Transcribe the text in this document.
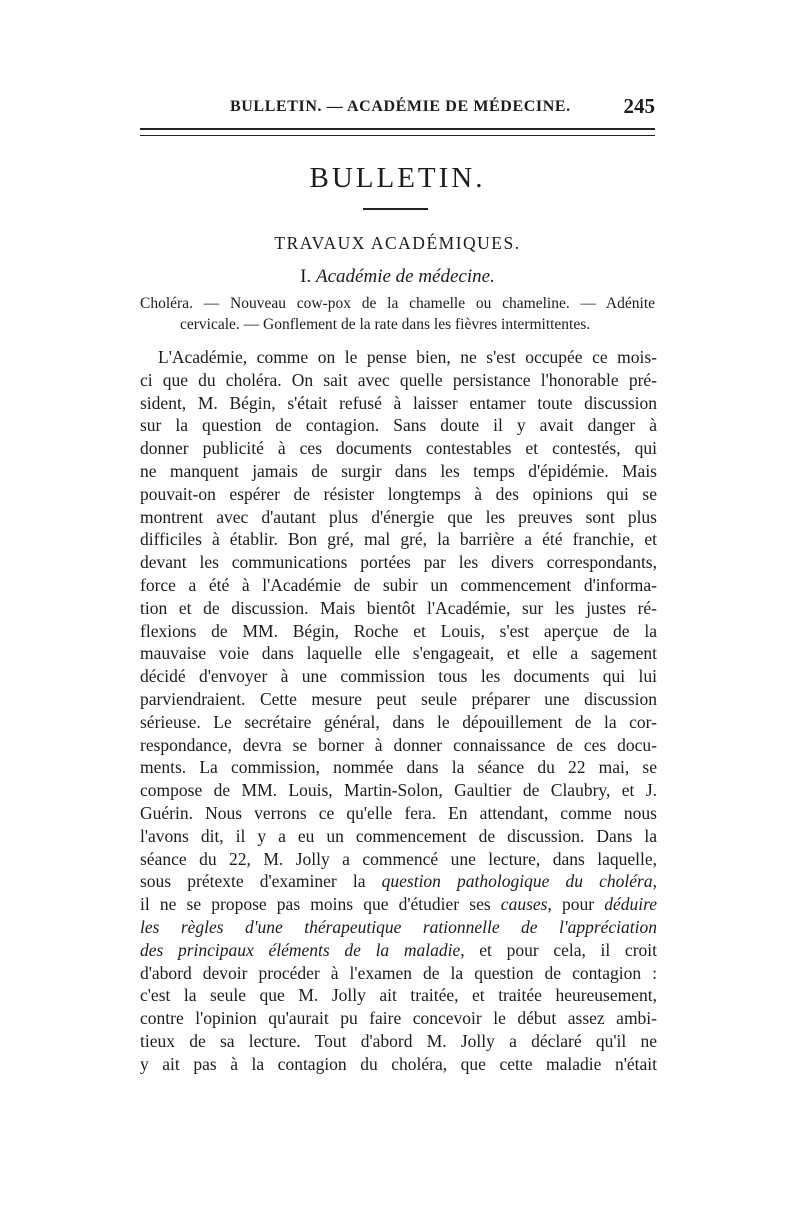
BULLETIN. — ACADÉMIE DE MÉDECINE.	245
BULLETIN.
TRAVAUX ACADÉMIQUES.
I. Académie de médecine.
Choléra. — Nouveau cow-pox de la chamelle ou chameline. — Adénite
cervicale. — Gonflement de la rate dans les fièvres intermittentes.
L'Académie, comme on le pense bien, ne s'est occupée ce mois-
ci que du choléra. On sait avec quelle persistance l'honorable pré-
sident, M. Bégin, s'était refusé à laisser entamer toute discussion
sur la question de contagion. Sans doute il y avait danger à
donner publicité à ces documents contestables et contestés, qui
ne manquent jamais de surgir dans les temps d'épidémie. Mais
pouvait-on espérer de résister longtemps à des opinions qui se
montrent avec d'autant plus d'énergie que les preuves sont plus
difficiles à établir. Bon gré, mal gré, la barrière a été franchie, et
devant les communications portées par les divers correspondants,
force a été à l'Académie de subir un commencement d'informa-
tion et de discussion. Mais bientôt l'Académie, sur les justes ré-
flexions de MM. Bégin, Roche et Louis, s'est aperçue de la
mauvaise voie dans laquelle elle s'engageait, et elle a sagement
décidé d'envoyer à une commission tous les documents qui lui
parviendraient. Cette mesure peut seule préparer une discussion
sérieuse. Le secrétaire général, dans le dépouillement de la cor-
respondance, devra se borner à donner connaissance de ces docu-
ments. La commission, nommée dans la séance du 22 mai, se
compose de MM. Louis, Martin-Solon, Gaultier de Claubry, et J.
Guérin. Nous verrons ce qu'elle fera. En attendant, comme nous
l'avons dit, il y a eu un commencement de discussion. Dans la
séance du 22, M. Jolly a commencé une lecture, dans laquelle,
sous prétexte d'examiner la question pathologique du choléra,
il ne se propose pas moins que d'étudier ses causes, pour déduire
les règles d'une thérapeutique rationnelle de l'appréciation
des principaux éléments de la maladie, et pour cela, il croit
d'abord devoir procéder à l'examen de la question de contagion :
c'est la seule que M. Jolly ait traitée, et traitée heureusement,
contre l'opinion qu'aurait pu faire concevoir le début assez ambi-
tieux de sa lecture. Tout d'abord M. Jolly a déclaré qu'il ne
y ait pas à la contagion du choléra, que cette maladie n'était
